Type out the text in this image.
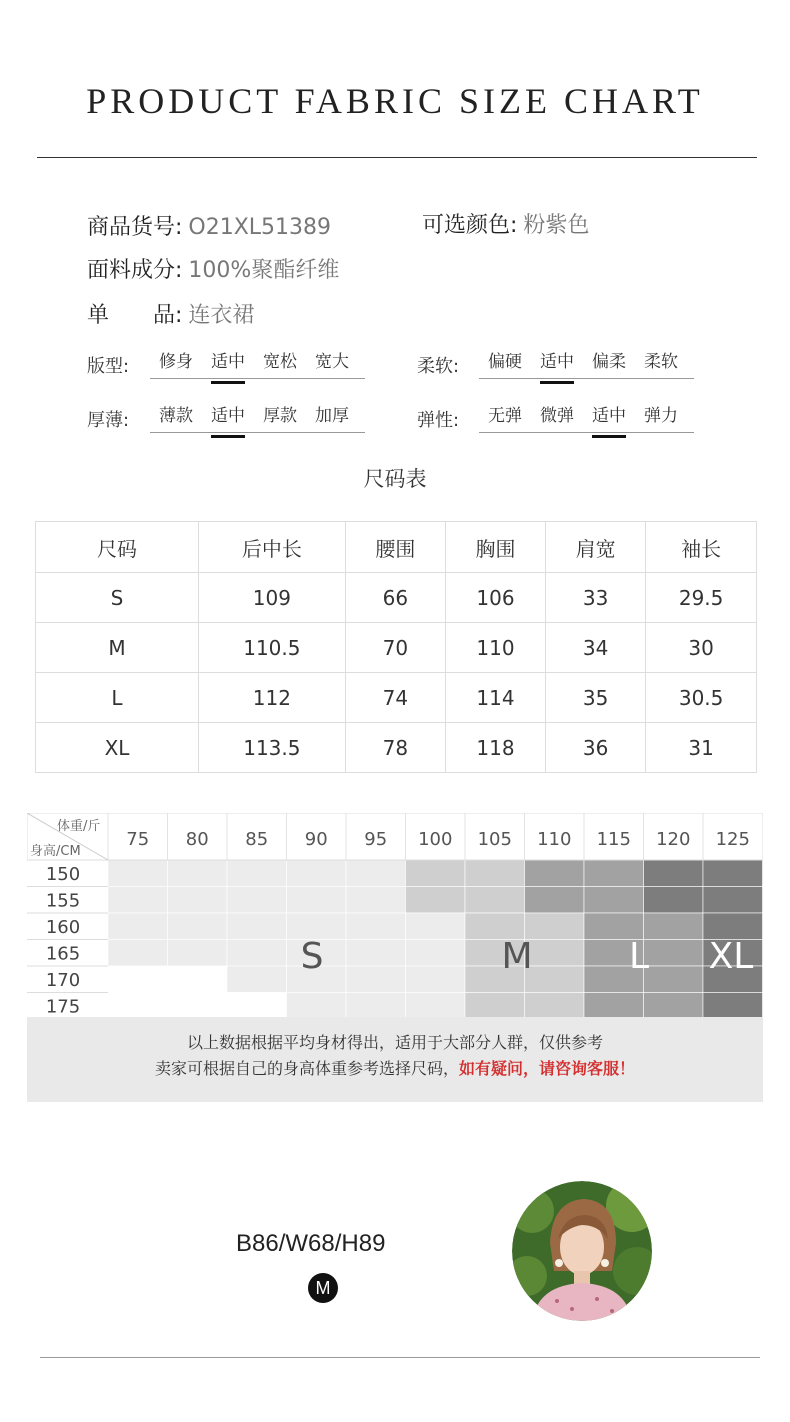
PRODUCT FABRIC SIZE CHART
商品货号: O21XL51389	可选颜色: 粉紫色
面料成分: 100%聚酯纤维
单　　品: 连衣裙
版型:	修身	适中	宽松	宽大	柔软:	偏硬	适中	偏柔	柔软
厚薄:	薄款	适中	厚款	加厚	弹性:	无弹	微弹	适中	弹力
尺码表
尺码	后中长	腰围	胸围	肩宽	袖长
S	109	66	106	33	29.5
M	110.5	70	110	34	30
L	112	74	114	35	30.5
XL	113.5	78	118	36	31
75 80 85 90 95 100 105 110 115 120 125
150
155
160
165
170
175
体重/斤
身高/CM
S	M	L XL
以上数据根据平均身材得出，适用于大部分人群，仅供参考
卖家可根据自己的身高体重参考选择尺码，如有疑问，请咨询客服！
B86/W68/H89
M
